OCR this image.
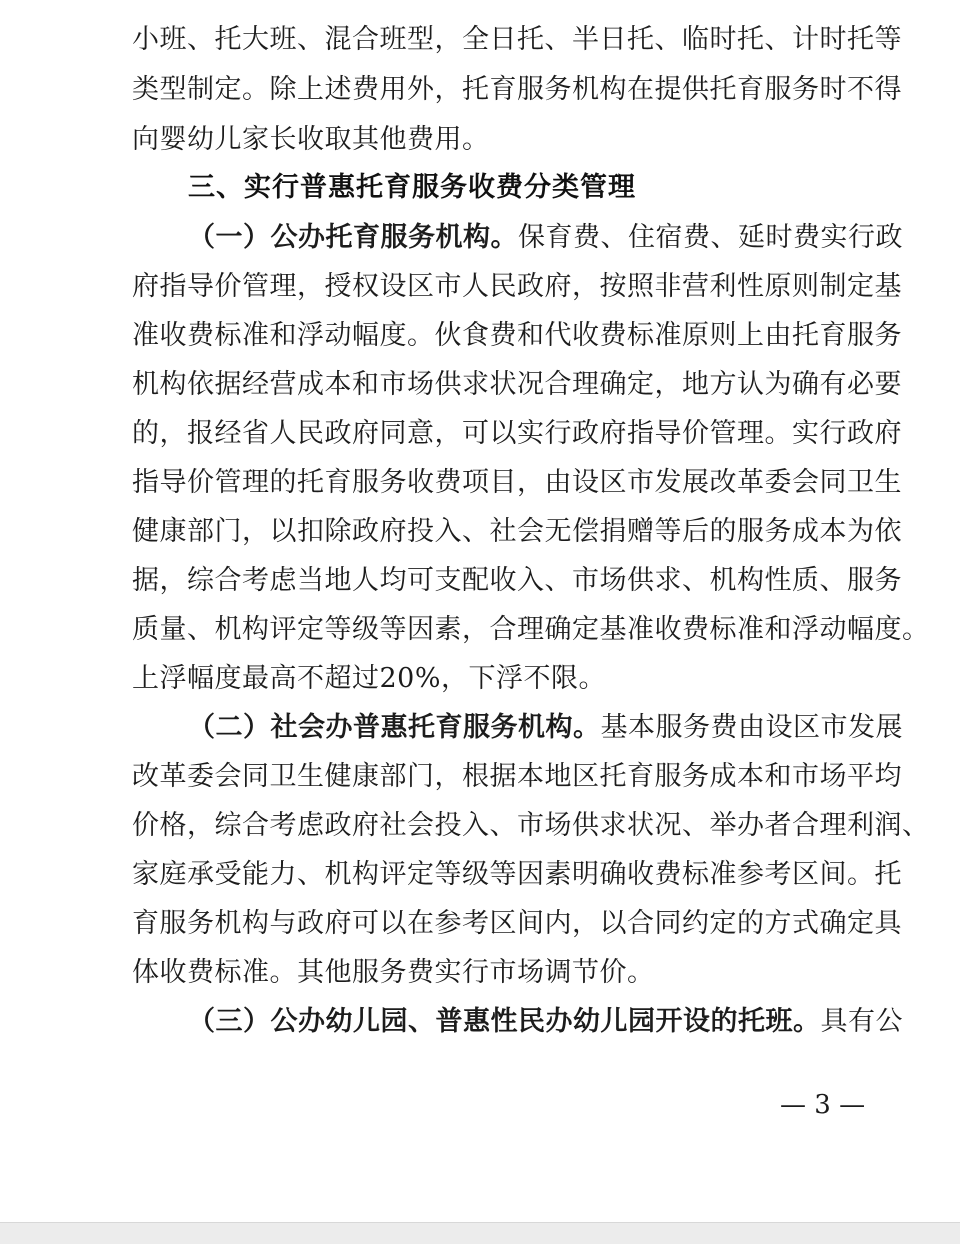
小班、托大班、混合班型，全日托、半日托、临时托、计时托等
类型制定。除上述费用外，托育服务机构在提供托育服务时不得
向婴幼儿家长收取其他费用。
三、实行普惠托育服务收费分类管理
（一）公办托育服务机构。保育费、住宿费、延时费实行政
府指导价管理，授权设区市人民政府，按照非营利性原则制定基
准收费标准和浮动幅度。伙食费和代收费标准原则上由托育服务
机构依据经营成本和市场供求状况合理确定，地方认为确有必要
的，报经省人民政府同意，可以实行政府指导价管理。实行政府
指导价管理的托育服务收费项目，由设区市发展改革委会同卫生
健康部门，以扣除政府投入、社会无偿捐赠等后的服务成本为依
据，综合考虑当地人均可支配收入、市场供求、机构性质、服务
质量、机构评定等级等因素，合理确定基准收费标准和浮动幅度。
上浮幅度最高不超过20%，下浮不限。
（二）社会办普惠托育服务机构。基本服务费由设区市发展
改革委会同卫生健康部门，根据本地区托育服务成本和市场平均
价格，综合考虑政府社会投入、市场供求状况、举办者合理利润、
家庭承受能力、机构评定等级等因素明确收费标准参考区间。托
育服务机构与政府可以在参考区间内，以合同约定的方式确定具
体收费标准。其他服务费实行市场调节价。
（三）公办幼儿园、普惠性民办幼儿园开设的托班。具有公
— 3 —
